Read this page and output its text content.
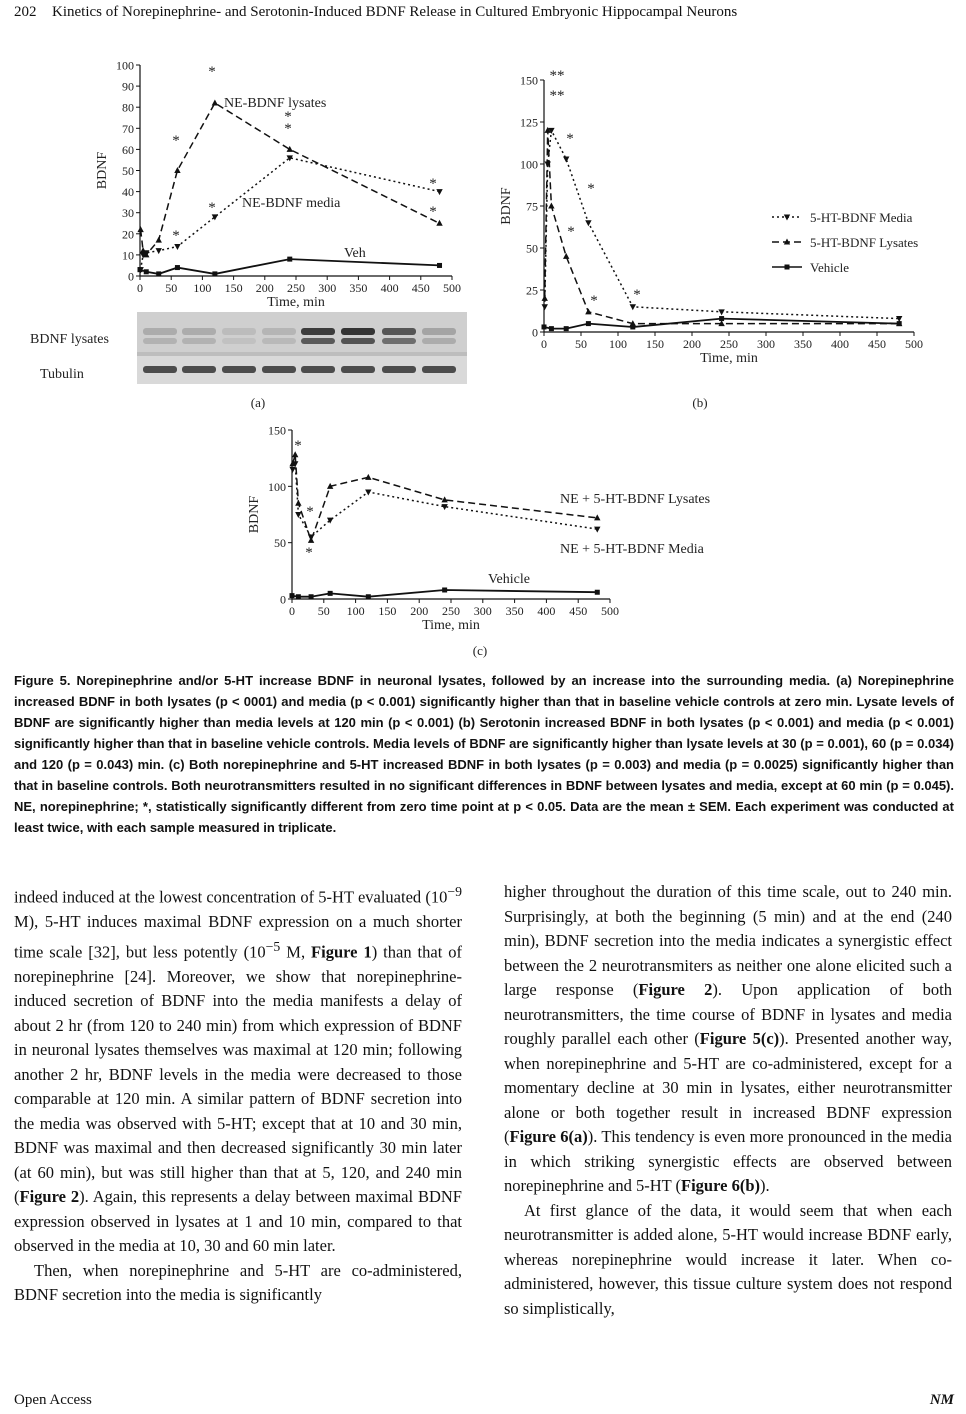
202	Kinetics of Norepinephrine- and Serotonin-Induced BDNF Release in Cultured Embryonic Hippocampal Neurons
BDNF lysates
Tubulin
0
10
20
30
40
50
60
70
80
90
100
0 50 100 150 200 250 300 350 400 450 500
Time, min
BDNF
NE-BDNF lysates
NE-BDNF media
Veh
*
*
*
*
*
*
*
*
0
25
50
75
100
125
150
0 50 100 150 200 250 300 350 400 450 500
Time, min
BDNF	5-HT-BDNF Media
5-HT-BDNF Lysates
Vehicle
**
**
*
*
*
* *
0
50
100
150
0 50 100 150 200 250 300 350 400 450 500
Time, min
BDNF	NE + 5-HT-BDNF Lysates
NE + 5-HT-BDNF Media
Vehicle
*
*
*
(a)	(b)
(c)
Figure 5. Norepinephrine and/or 5-HT increase BDNF in neuronal lysates, followed by an increase into the surrounding media. (a) Norepinephrine increased BDNF in both lysates (p < 0001) and media (p < 0.001) significantly higher than that in baseline vehicle controls at zero min. Lysate levels of BDNF are significantly higher than media levels at 120 min (p < 0.001) (b) Serotonin increased BDNF in both lysates (p < 0.001) and media (p < 0.001) significantly higher than that in baseline vehicle controls. Media levels of BDNF are significantly higher than lysate levels at 30 (p = 0.001), 60 (p = 0.034) and 120 (p = 0.043) min. (c) Both norepinephrine and 5-HT increased BDNF in both lysates (p = 0.003) and media (p = 0.0025) significantly higher than that in baseline controls. Both neurotransmitters resulted in no significant differences in BDNF between lysates and media, except at 60 min (p = 0.045). NE, norepinephrine; *, statistically significantly different from zero time point at p < 0.05. Data are the mean ± SEM. Each experiment was conducted at least twice, with each sample measured in triplicate.

indeed induced at the lowest concentration of 5-HT evaluated ($10^{-9}$ M), 5-HT induces maximal BDNF expression on a much shorter time scale [32], but less potently ($10^{-5}$ M, Figure 1) than that of norepinephrine [24]. Moreover, we show that norepinephrine-induced secretion of BDNF into the media manifests a delay of about 2 hr (from 120 to 240 min) from which expression of BDNF in neuronal lysates themselves was maximal at 120 min; following another 2 hr, BDNF levels in the media were decreased to those comparable at 120 min. A similar pattern of BDNF secretion into the media was observed with 5-HT; except that at 10 and 30 min, BDNF was maximal and then decreased significantly 30 min later (at 60 min), but was still higher than that at 5, 120, and 240 min (Figure 2). Again, this represents a delay between maximal BDNF expression observed in lysates at 1 and 10 min, compared to that observed in the media at 10, 30 and 60 min later.

Then, when norepinephrine and 5-HT are co-administered, BDNF secretion into the media is significantly

higher throughout the duration of this time scale, out to 240 min. Surprisingly, at both the beginning (5 min) and at the end (240 min), BDNF secretion into the media indicates a synergistic effect between the 2 neurotransmiters as neither one alone elicited such a large response (Figure 2). Upon application of both neurotransmitters, the time course of BDNF in lysates and media roughly parallel each other (Figure 5(c)). Presented another way, when norepinephrine and 5-HT are co-administered, except for a momentary decline at 30 min in lysates, either neurotransmitter alone or both together result in increased BDNF expression (Figure 6(a)). This tendency is even more pronounced in the media in which striking synergistic effects are observed between norepinephrine and 5-HT (Figure 6(b)).

At first glance of the data, it would seem that when each neurotransmitter is added alone, 5-HT would increase BDNF early, whereas norepinephrine would increase it later. When co-administered, however, this tissue culture system does not respond so simplistically,

Open Access	NM
